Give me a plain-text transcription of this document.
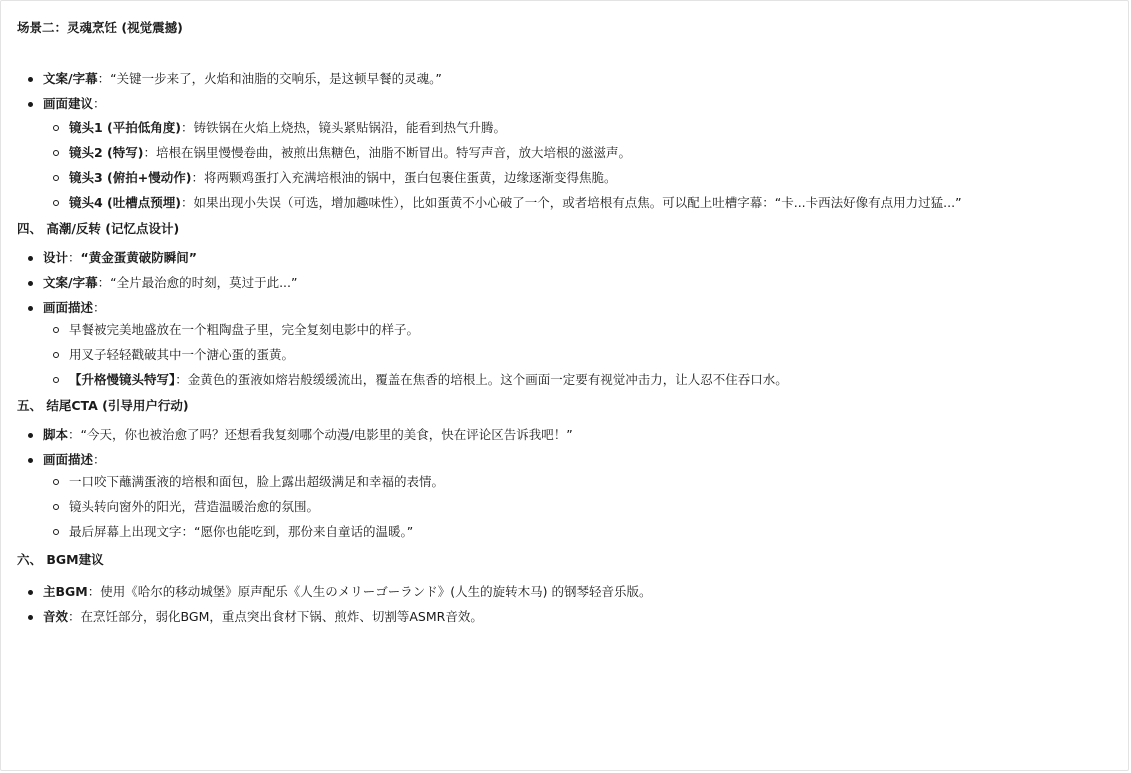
场景二：灵魂烹饪 (视觉震撼)
文案/字幕：“关键一步来了，火焰和油脂的交响乐，是这顿早餐的灵魂。”
画面建议：
镜头1 (平拍低角度)：铸铁锅在火焰上烧热，镜头紧贴锅沿，能看到热气升腾。
镜头2 (特写)：培根在锅里慢慢卷曲，被煎出焦糖色，油脂不断冒出。特写声音，放大培根的滋滋声。
镜头3 (俯拍+慢动作)：将两颗鸡蛋打入充满培根油的锅中，蛋白包裹住蛋黄，边缘逐渐变得焦脆。
镜头4 (吐槽点预埋)：如果出现小失误（可选，增加趣味性），比如蛋黄不小心破了一个，或者培根有点焦。可以配上吐槽字幕：“卡...卡西法好像有点用力过猛...”
四、 高潮/反转 (记忆点设计)
设计：“黄金蛋黄破防瞬间”
文案/字幕：“全片最治愈的时刻，莫过于此...”
画面描述：
早餐被完美地盛放在一个粗陶盘子里，完全复刻电影中的样子。
用叉子轻轻戳破其中一个溏心蛋的蛋黄。
【升格慢镜头特写】：金黄色的蛋液如熔岩般缓缓流出，覆盖在焦香的培根上。这个画面一定要有视觉冲击力，让人忍不住吞口水。
五、 结尾CTA (引导用户行动)
脚本：“今天，你也被治愈了吗？还想看我复刻哪个动漫/电影里的美食，快在评论区告诉我吧！”
画面描述：
一口咬下蘸满蛋液的培根和面包，脸上露出超级满足和幸福的表情。
镜头转向窗外的阳光，营造温暖治愈的氛围。
最后屏幕上出现文字：“愿你也能吃到，那份来自童话的温暖。”
六、 BGM建议
主BGM：使用《哈尔的移动城堡》原声配乐《人生のメリーゴーランド》(人生的旋转木马) 的钢琴轻音乐版。
音效：在烹饪部分，弱化BGM，重点突出食材下锅、煎炸、切割等ASMR音效。
